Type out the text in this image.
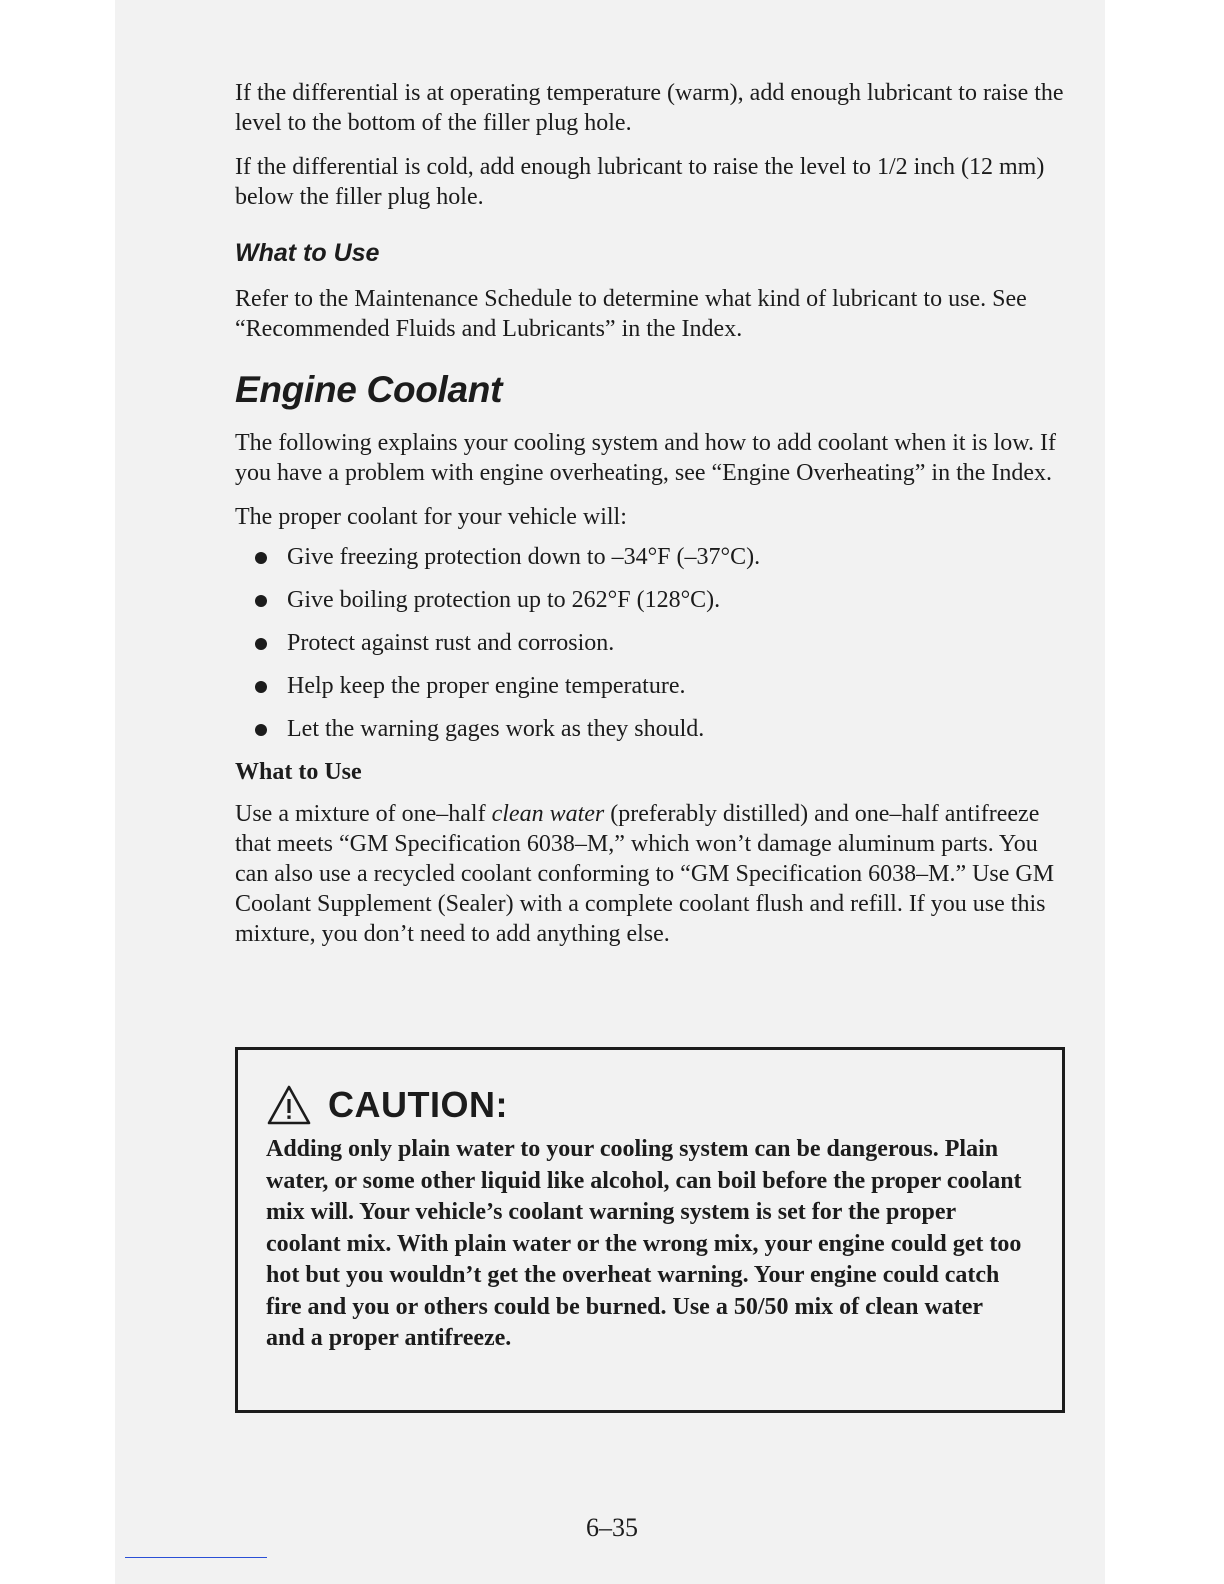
If the differential is at operating temperature (warm), add enough lubricant to raise the level to the bottom of the filler plug hole.

If the differential is cold, add enough lubricant to raise the level to 1/2 inch (12 mm) below the filler plug hole.

What to Use

Refer to the Maintenance Schedule to determine what kind of lubricant to use. See “Recommended Fluids and Lubricants” in the Index.

Engine Coolant

The following explains your cooling system and how to add coolant when it is low. If you have a problem with engine overheating, see “Engine Overheating” in the Index.

The proper coolant for your vehicle will:

Give freezing protection down to –34°F (–37°C).
Give boiling protection up to 262°F (128°C).
Protect against rust and corrosion.
Help keep the proper engine temperature.
Let the warning gages work as they should.
What to Use

Use a mixture of one–half clean water (preferably distilled) and one–half antifreeze that meets “GM Specification 6038–M,” which won’t damage aluminum parts. You can also use a recycled coolant conforming to “GM Specification 6038–M.” Use GM Coolant Supplement (Sealer) with a complete coolant flush and refill. If you use this mixture, you don’t need to add anything else.

CAUTION:
Adding only plain water to your cooling system can be dangerous. Plain water, or some other liquid like alcohol, can boil before the proper coolant mix will. Your vehicle’s coolant warning system is set for the proper coolant mix. With plain water or the wrong mix, your engine could get too hot but you wouldn’t get the overheat warning. Your engine could catch fire and you or others could be burned. Use a 50/50 mix of clean water and a proper antifreeze.
6–35
